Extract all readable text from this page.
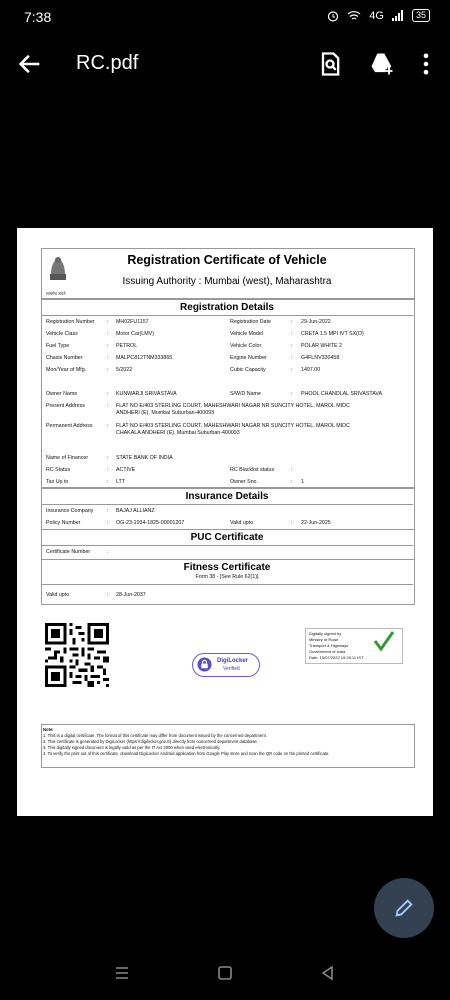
7:38	4G	35
RC.pdf
सत्यमेव जयते
Registration Certificate of Vehicle
Issuing Authority : Mumbai (west), Maharashtra
Registration Details
Registration Number : MH02FU1157	Registration Date	: 29-Jun-2022
Vehicle Class	: Motor Car(LMV)	Vehicle Model	: CRETA 1.5 MPI IVT SX(O)
Fuel Type	: PETROL	Vehicle Color	: POLAR WHITE 2
Chasis Number	: MALPC812TNM333865	Engine Number	: G4FLNV330458
Mon/Year of Mfg.	: 5/2022	Cubic Capacity	: 1497.00
Owner Name	: KUNWARJI SRIVASTAVA	S/W/D Name	: PHOOL CHANDLAL SRIVASTAVA
Present Address	: FLAT NO E/403 STERLING COURT, MAHESHWARI NAGAR NR SUNCITY HOTEL, MAROL MIDC
ANDHERI (E), Mumbai Suburban-400093
Permanent Address	: FLAT NO E/403 STERLING COURT, MAHESHWARI NAGAR NR SUNCITY HOTEL, MAROL MIDC
CHAKALA ANDHERI (E), Mumbai Suburban-400093
Name of Financer	: STATE BANK OF INDIA
RC Status	: ACTIVE	RC Blacklist status	:
Tax Up to	: LTT	Owner Sno.	: 1
Insurance Details
Insurance Company	: BAJAJ ALLIANZ
Policy Number	: OG-23-1934-1825-00001207	Valid upto	: 22-Jun-2025
PUC Certificate
Certificate Number	:
Fitness Certificate
Form 38 - [See Rule 62(1)]
Valid upto	: 28-Jun-2037
DigiLocker
Verified
Digitally signed by
Ministry of Road
Transport & Highways
Government of India
Date: 10/07/2022 19:29:11 IST
Note:
1. This is a digital certificate. The format of this certificate may differ from document issued by the concerned department.
2. This certificate is generated by DigiLocker (https://digilocker.gov.in) directly from concerned department database.
3. This digitally signed document is legally valid as per the IT Act 2000 when used electronically.
4. To verify the print out of this certificate, download DigiLocker Android application from Google Play store and scan the QR code on the printed certificate.
